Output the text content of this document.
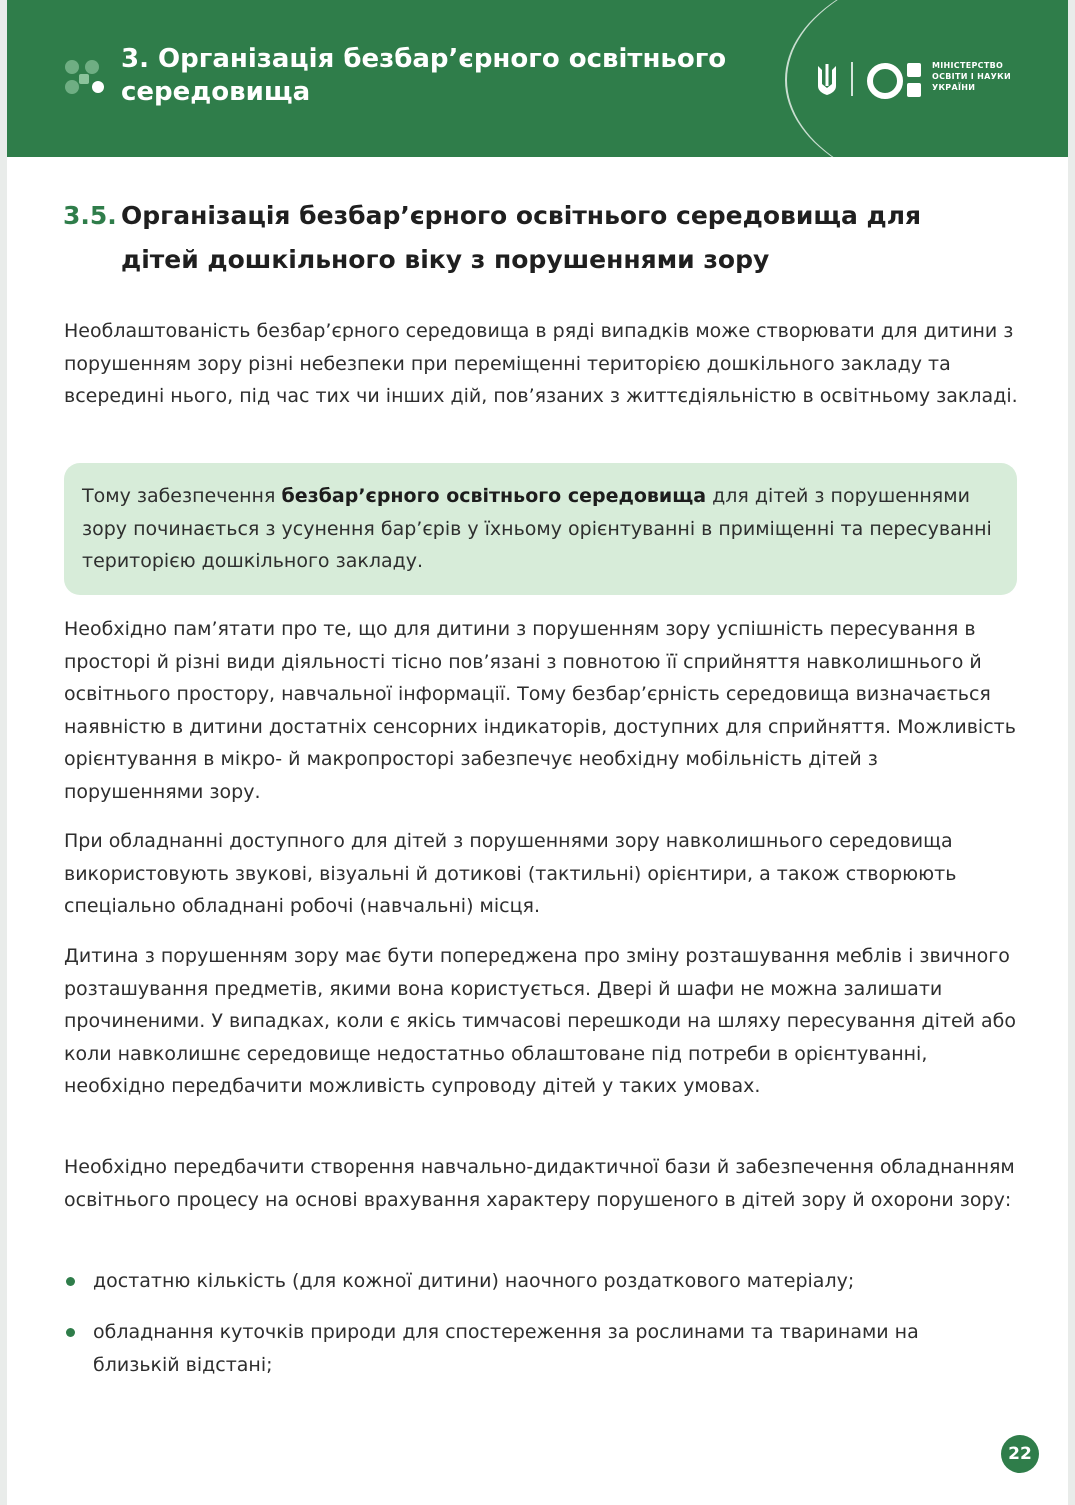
3. Організація безбар’єрного освітнього середовища
МІНІСТЕРСТВО
ОСВІТИ І НАУКИ
УКРАЇНИ
3.5. Організація безбар’єрного освітнього середовища для дітей дошкільного віку з порушеннями зору

Необлаштованість безбар’єрного середовища в ряді випадків може створювати для дитини з порушенням зору різні небезпеки при переміщенні територією дошкільного закладу та всередині нього, під час тих чи інших дій, пов’язаних з життєдіяльністю в освітньому закладі.

Тому забезпечення безбар’єрного освітнього середовища для дітей з порушеннями зору починається з усунення бар’єрів у їхньому орієнтуванні в приміщенні та пересуванні територією дошкільного закладу.

Необхідно пам’ятати про те, що для дитини з порушенням зору успішність пересування в просторі й різні види діяльності тісно пов’язані з повнотою її сприйняття навколишнього й освітнього простору, навчальної інформації. Тому безбар’єрність середовища визначається наявністю в дитини достатніх сенсорних індикаторів, доступних для сприйняття. Можливість орієнтування в мікро- й макропросторі забезпечує необхідну мобільність дітей з порушеннями зору.

При обладнанні доступного для дітей з порушеннями зору навколишнього середовища використовують звукові, візуальні й дотикові (тактильні) орієнтири, а також створюють спеціально обладнані робочі (навчальні) місця.

Дитина з порушенням зору має бути попереджена про зміну розташування меблів і звичного розташування предметів, якими вона користується. Двері й шафи не можна залишати прочиненими. У випадках, коли є якісь тимчасові перешкоди на шляху пересування дітей або коли навколишнє середовище недостатньо облаштоване під потреби в орієнтуванні, необхідно передбачити можливість супроводу дітей у таких умовах.

Необхідно передбачити створення навчально-дидактичної бази й забезпечення обладнанням освітнього процесу на основі врахування характеру порушеного в дітей зору й охорони зору:

достатню кількість (для кожної дитини) наочного роздаткового матеріалу;

обладнання куточків природи для спостереження за рослинами та тваринами на близькій відстані;

22
